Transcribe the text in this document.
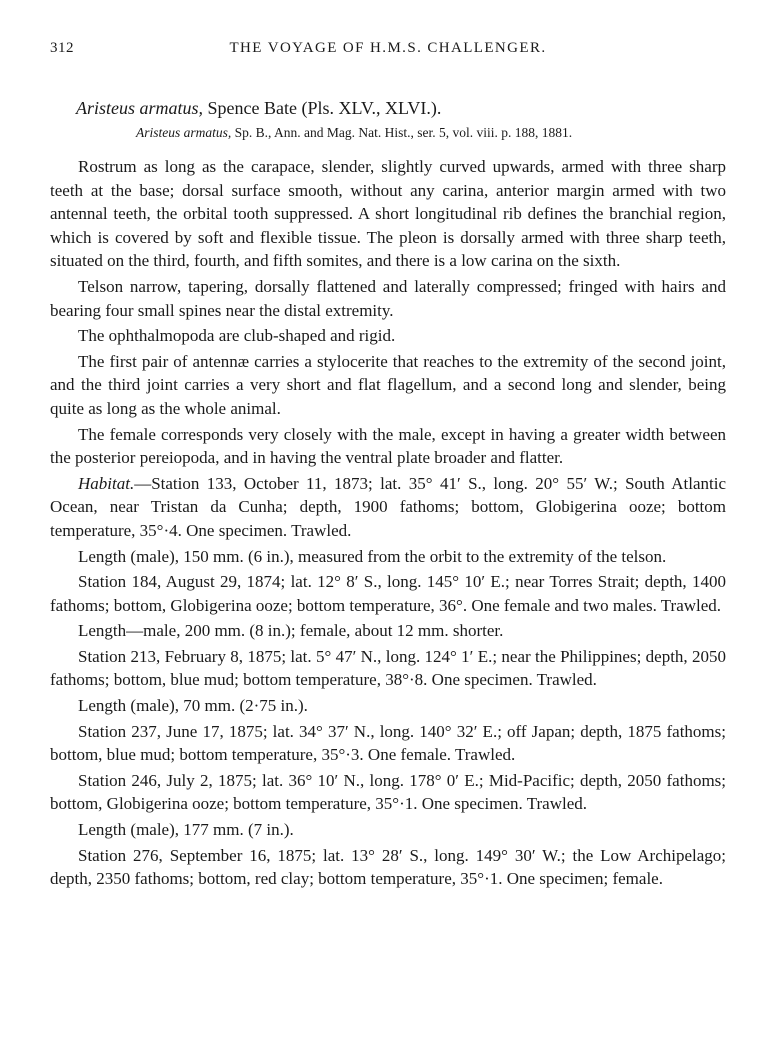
312	THE VOYAGE OF H.M.S. CHALLENGER.
Aristeus armatus, Spence Bate (Pls. XLV., XLVI.).
Aristeus armatus, Sp. B., Ann. and Mag. Nat. Hist., ser. 5, vol. viii. p. 188, 1881.

Rostrum as long as the carapace, slender, slightly curved upwards, armed with three sharp teeth at the base; dorsal surface smooth, without any carina, anterior margin armed with two antennal teeth, the orbital tooth suppressed. A short longitudinal rib defines the branchial region, which is covered by soft and flexible tissue. The pleon is dorsally armed with three sharp teeth, situated on the third, fourth, and fifth somites, and there is a low carina on the sixth.

Telson narrow, tapering, dorsally flattened and laterally compressed; fringed with hairs and bearing four small spines near the distal extremity.

The ophthalmopoda are club-shaped and rigid.

The first pair of antennæ carries a stylocerite that reaches to the extremity of the second joint, and the third joint carries a very short and flat flagellum, and a second long and slender, being quite as long as the whole animal.

The female corresponds very closely with the male, except in having a greater width between the posterior pereiopoda, and in having the ventral plate broader and flatter.

Habitat.—Station 133, October 11, 1873; lat. 35° 41′ S., long. 20° 55′ W.; South Atlantic Ocean, near Tristan da Cunha; depth, 1900 fathoms; bottom, Globigerina ooze; bottom temperature, 35°·4. One specimen. Trawled.

Length (male), 150 mm. (6 in.), measured from the orbit to the extremity of the telson.

Station 184, August 29, 1874; lat. 12° 8′ S., long. 145° 10′ E.; near Torres Strait; depth, 1400 fathoms; bottom, Globigerina ooze; bottom temperature, 36°. One female and two males. Trawled.

Length—male, 200 mm. (8 in.); female, about 12 mm. shorter.

Station 213, February 8, 1875; lat. 5° 47′ N., long. 124° 1′ E.; near the Philippines; depth, 2050 fathoms; bottom, blue mud; bottom temperature, 38°·8. One specimen. Trawled.

Length (male), 70 mm. (2·75 in.).

Station 237, June 17, 1875; lat. 34° 37′ N., long. 140° 32′ E.; off Japan; depth, 1875 fathoms; bottom, blue mud; bottom temperature, 35°·3. One female. Trawled.

Station 246, July 2, 1875; lat. 36° 10′ N., long. 178° 0′ E.; Mid-Pacific; depth, 2050 fathoms; bottom, Globigerina ooze; bottom temperature, 35°·1. One specimen. Trawled.

Length (male), 177 mm. (7 in.).

Station 276, September 16, 1875; lat. 13° 28′ S., long. 149° 30′ W.; the Low Archipelago; depth, 2350 fathoms; bottom, red clay; bottom temperature, 35°·1. One specimen; female.
